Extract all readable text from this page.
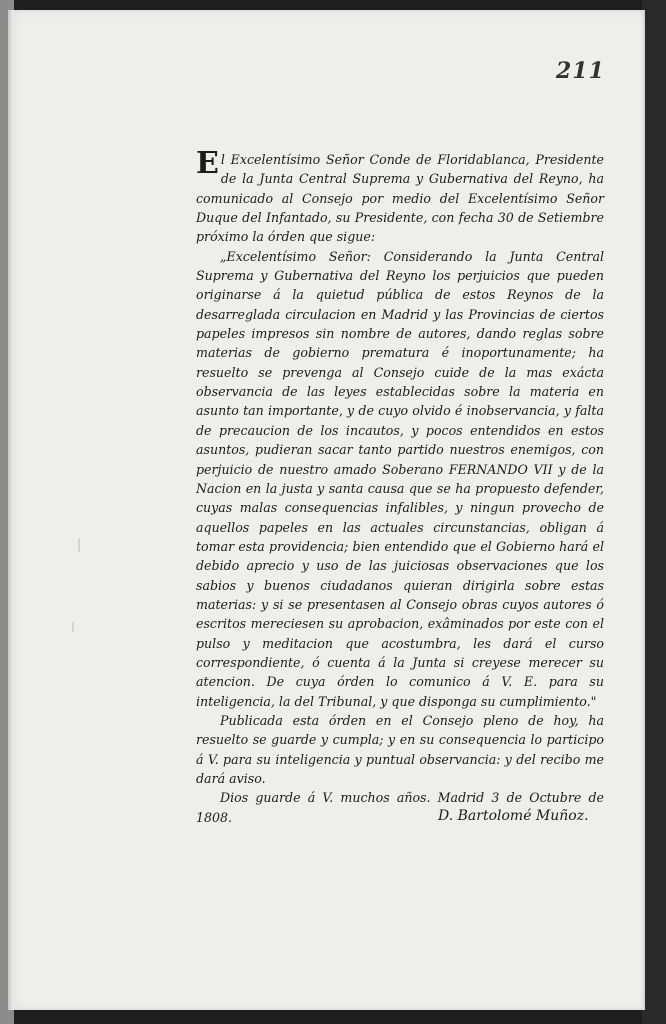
211

El Excelentísimo Señor Conde de Floridablanca, Presidente de la Junta Central Suprema y Gubernativa del Reyno, ha comunicado al Consejo por medio del Excelentísimo Señor Duque del Infantado, su Presidente, con fecha 30 de Setiembre próximo la órden que sigue:

„Excelentísimo Señor: Considerando la Junta Central Suprema y Gubernativa del Reyno los perjuicios que pueden originarse á la quietud pública de estos Reynos de la desarreglada circulacion en Madrid y las Provincias de ciertos papeles impresos sin nombre de autores, dando reglas sobre materias de gobierno prematura é inoportunamente; ha resuelto se prevenga al Consejo cuide de la mas exácta observancia de las leyes establecidas sobre la materia en asunto tan importante, y de cuyo olvido é inobservancia, y falta de precaucion de los incautos, y pocos entendidos en estos asuntos, pudieran sacar tanto partido nuestros enemigos, con perjuicio de nuestro amado Soberano FERNANDO VII y de la Nacion en la justa y santa causa que se ha propuesto defender, cuyas malas consequencias infalibles, y ningun provecho de aquellos papeles en las actuales circunstancias, obligan á tomar esta providencia; bien entendido que el Gobierno hará el debido aprecio y uso de las juiciosas observaciones que los sabios y buenos ciudadanos quieran dirigirla sobre estas materias: y si se presentasen al Consejo obras cuyos autores ó escritos mereciesen su aprobacion, exâminados por este con el pulso y meditacion que acostumbra, les dará el curso correspondiente, ó cuenta á la Junta si creyese merecer su atencion. De cuya órden lo comunico á V. E. para su inteligencia, la del Tribunal, y que disponga su cumplimiento."

Publicada esta órden en el Consejo pleno de hoy, ha resuelto se guarde y cumpla; y en su consequencia lo participo á V. para su inteligencia y puntual observancia: y del recibo me dará aviso.

Dios guarde á V. muchos años. Madrid 3 de Octubre de 1808.	D. Bartolomé Muñoz.
